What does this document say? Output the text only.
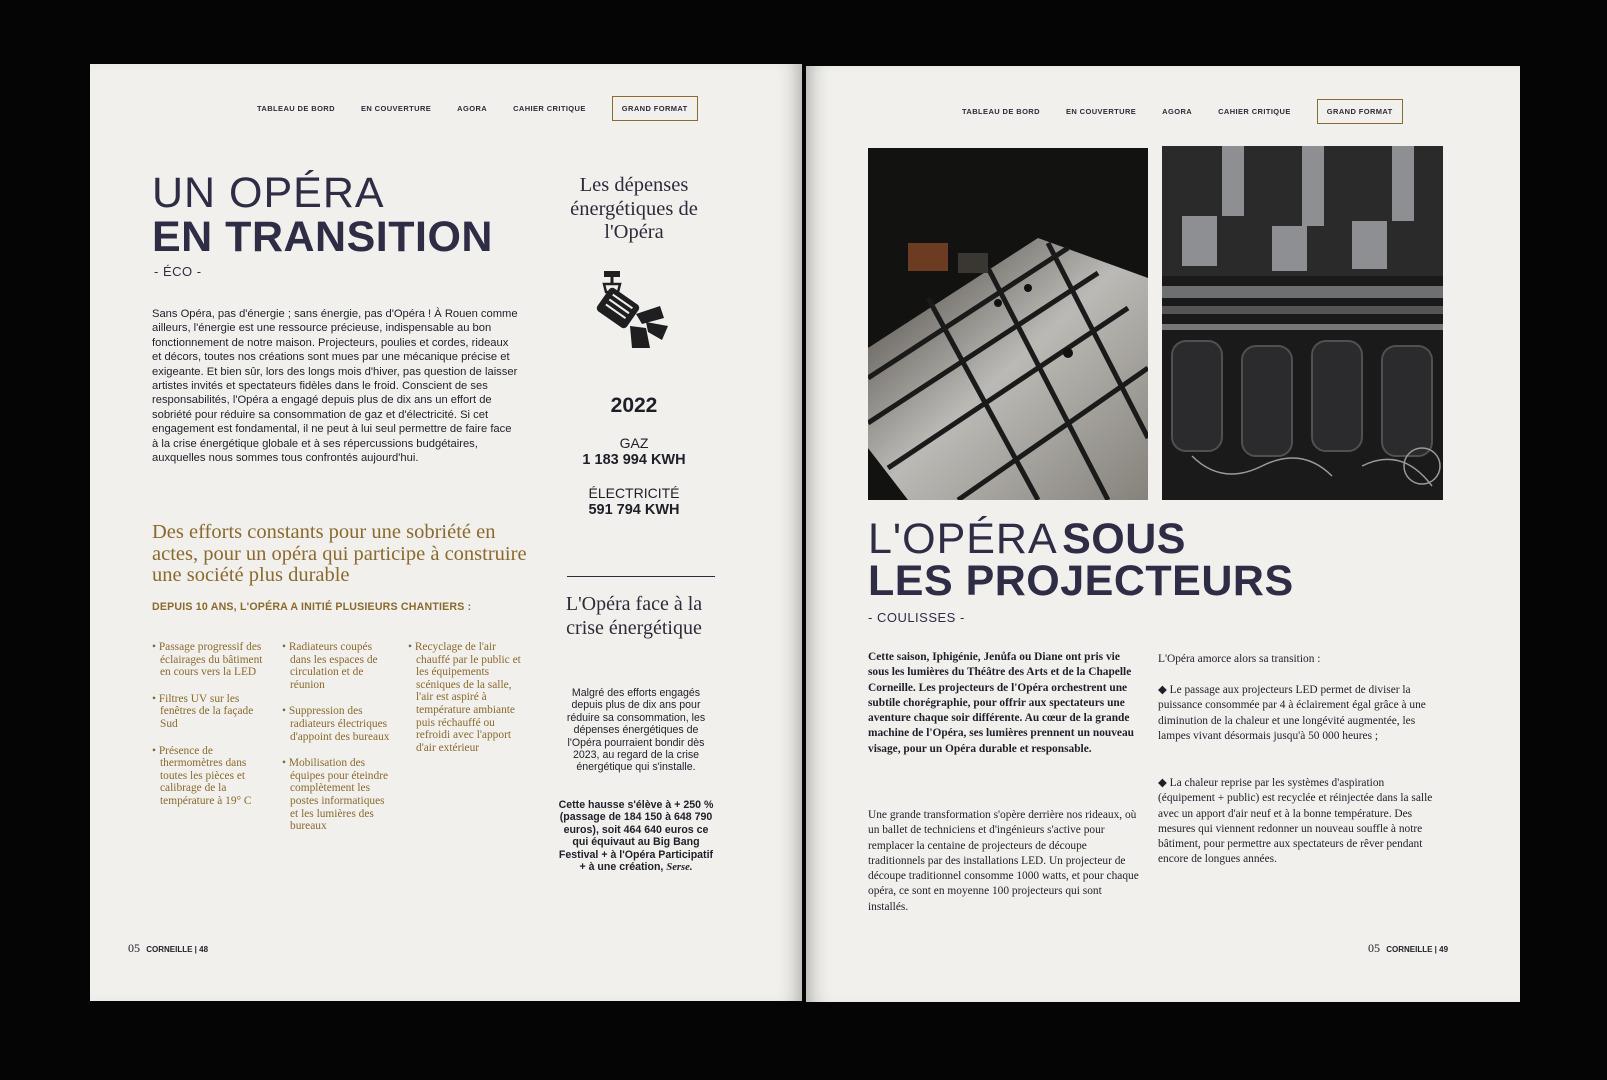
TABLEAU DE BORD	EN COUVERTURE	AGORA	CAHIER CRITIQUE	GRAND FORMAT
UN OPÉRA
EN TRANSITION
- ÉCO -
Sans Opéra, pas d'énergie ; sans énergie, pas d'Opéra ! À Rouen comme ailleurs, l'énergie est une ressource précieuse, indispensable au bon fonctionnement de notre maison. Projecteurs, poulies et cordes, rideaux et décors, toutes nos créations sont mues par une mécanique précise et exigeante. Et bien sûr, lors des longs mois d'hiver, pas question de laisser artistes invités et spectateurs fidèles dans le froid. Conscient de ses responsabilités, l'Opéra a engagé depuis plus de dix ans un effort de sobriété pour réduire sa consommation de gaz et d'électricité. Si cet engagement est fondamental, il ne peut à lui seul permettre de faire face à la crise énergétique globale et à ses répercussions budgétaires, auxquelles nous sommes tous confrontés aujourd'hui.
Des efforts constants pour une sobriété en actes, pour un opéra qui participe à construire une société plus durable
DEPUIS 10 ANS, L'OPÉRA A INITIÉ PLUSIEURS CHANTIERS :
• Passage progressif des éclairages du bâtiment en cours vers la LED
• Filtres UV sur les fenêtres de la façade Sud
• Présence de thermomètres dans toutes les pièces et calibrage de la température à 19° C
• Radiateurs coupés dans les espaces de circulation et de réunion
• Suppression des radiateurs électriques d'appoint des bureaux
• Mobilisation des équipes pour éteindre complètement les postes informatiques et les lumières des bureaux
• Recyclage de l'air chauffé par le public et les équipements scéniques de la salle, l'air est aspiré à température ambiante puis réchauffé ou refroidi avec l'apport d'air extérieur
Les dépenses énergétiques de l'Opéra
2022
GAZ
1 183 994 KWH
ÉLECTRICITÉ
591 794 KWH
L'Opéra face à la crise énergétique
Malgré des efforts engagés depuis plus de dix ans pour réduire sa consommation, les dépenses énergétiques de l'Opéra pourraient bondir dès 2023, au regard de la crise énergétique qui s'installe.
Cette hausse s'élève à + 250 % (passage de 184 150 à 648 790 euros), soit 464 640 euros ce qui équivaut au Big Bang Festival + à l'Opéra Participatif + à une création, Serse.
05 CORNEILLE | 48
TABLEAU DE BORD	EN COUVERTURE	AGORA	CAHIER CRITIQUE	GRAND FORMAT
L'OPÉRA SOUS
LES PROJECTEURS
- COULISSES -
Cette saison, Iphigénie, Jenůfa ou Diane ont pris vie sous les lumières du Théâtre des Arts et de la Chapelle Corneille. Les projecteurs de l'Opéra orchestrent une subtile chorégraphie, pour offrir aux spectateurs une aventure chaque soir différente. Au cœur de la grande machine de l'Opéra, ses lumières prennent un nouveau visage, pour un Opéra durable et responsable.
Une grande transformation s'opère derrière nos rideaux, où un ballet de techniciens et d'ingénieurs s'active pour remplacer la centaine de projecteurs de découpe traditionnels par des installations LED. Un projecteur de découpe traditionnel consomme 1000 watts, et pour chaque opéra, ce sont en moyenne 100 projecteurs qui sont installés.
L'Opéra amorce alors sa transition :
◆ Le passage aux projecteurs LED permet de diviser la puissance consommée par 4 à éclairement égal grâce à une diminution de la chaleur et une longévité augmentée, les lampes vivant désormais jusqu'à 50 000 heures ;
◆ La chaleur reprise par les systèmes d'aspiration (équipement + public) est recyclée et réinjectée dans la salle avec un apport d'air neuf et à la bonne température. Des mesures qui viennent redonner un nouveau souffle à notre bâtiment, pour permettre aux spectateurs de rêver pendant encore de longues années.
05 CORNEILLE | 49
